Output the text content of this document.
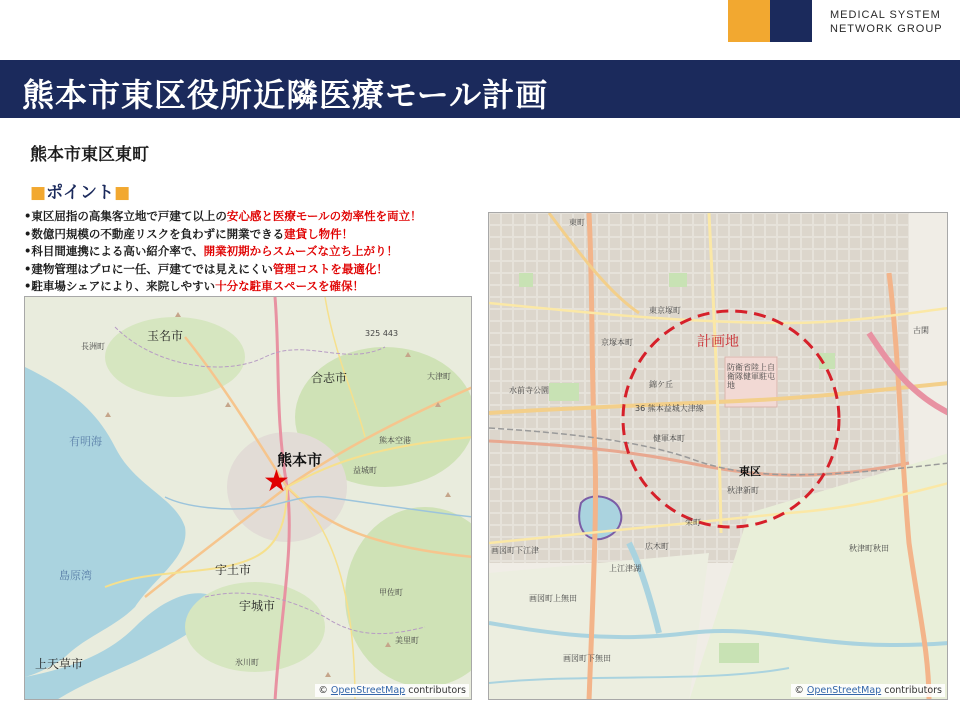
MEDICAL SYSTEM
NETWORK GROUP
熊本市東区役所近隣医療モール計画
熊本市東区東町
■ポイント■
•東区屈指の高集客立地で戸建て以上の安心感と医療モールの効率性を両立！
•数億円規模の不動産リスクを負わずに開業できる建貸し物件！
•科目間連携による高い紹介率で、開業初期からスムーズな立ち上がり！
•建物管理はプロに一任、戸建てでは見えにくい管理コストを最適化！
•駐車場シェアにより、来院しやすい十分な駐車スペースを確保！
玉名市
長洲町
325 443
合志市	大津町
有明海	熊本空港
熊本市
★	益城町
島原湾	宇土市
甲佐町
宇城市
美里町
上天草市	氷川町
© OpenStreetMap contributors
東町
東京塚町
京塚本町	計画地
古閑
水前寺公園
錦ケ丘
防衛省陸上自衛隊健軍駐屯地
36 熊本益城大津線
健軍本町
東区
秋津新町
栄町
広木町
上江津湖
画図町下江津	秋津町秋田
画図町上無田
画図町下無田
© OpenStreetMap contributors
